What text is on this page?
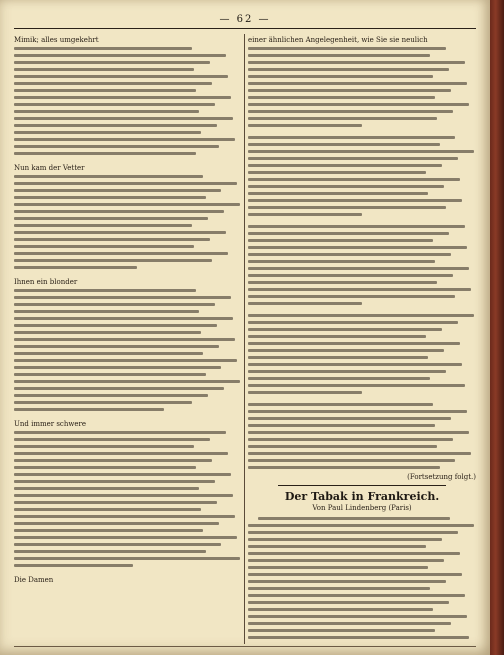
— 62 —
Mimik; alles umgekehrt
Nun kam der Vetter
Ihnen ein blonder
Und immer schwere
Die Damen
einer ähnlichen Angelegenheit, wie Sie sie neulich
(Fortsetzung folgt.)
Der Tabak in Frankreich.
Von Paul Lindenberg (Paris)
